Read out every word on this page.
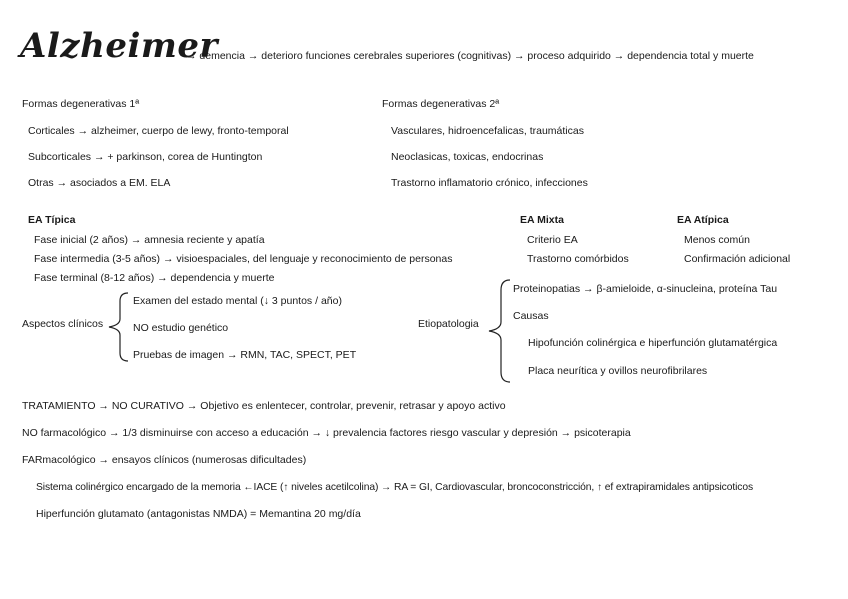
Alzheimer
→ demencia → deterioro funciones cerebrales superiores (cognitivas) → proceso adquirido → dependencia total y muerte
Formas degenerativas 1ª
Corticales → alzheimer, cuerpo de lewy, fronto-temporal
Subcorticales → + parkinson, corea de Huntington
Otras → asociados a EM. ELA
Formas degenerativas 2ª
Vasculares, hidroencefalicas, traumáticas
Neoclasicas, toxicas, endocrinas
Trastorno inflamatorio crónico, infecciones
EA Típica
Fase inicial (2 años) → amnesia reciente y apatía
Fase intermedia (3-5 años) → visioespaciales, del lenguaje y reconocimiento de personas
Fase terminal (8-12 años) → dependencia y muerte
EA Mixta
Criterio EA
Trastorno comórbidos
EA Atípica
Menos común
Confirmación adicional
Aspectos clínicos
Examen del estado mental (↓ 3 puntos / año)
NO estudio genético
Pruebas de imagen → RMN, TAC, SPECT, PET
Etiopatologia
Proteinopatias → β-amieloide, α-sinucleina, proteína Tau
Causas
Hipofunción colinérgica e hiperfunción glutamatérgica
Placa neurítica y ovillos neurofibrilares
TRATAMIENTO → NO CURATIVO → Objetivo es enlentecer, controlar, prevenir, retrasar y apoyo activo
NO farmacológico → 1/3 disminuirse con acceso a educación → ↓ prevalencia factores riesgo vascular y depresión → psicoterapia
FARmacológico → ensayos clínicos (numerosas dificultades)
Sistema colinérgico encargado de la memoria ←IACE (↑ niveles acetilcolina) → RA = GI, Cardiovascular, broncoconstricción, ↑ ef extrapiramidales antipsicoticos
Hiperfunción glutamato (antagonistas NMDA) = Memantina 20 mg/día
